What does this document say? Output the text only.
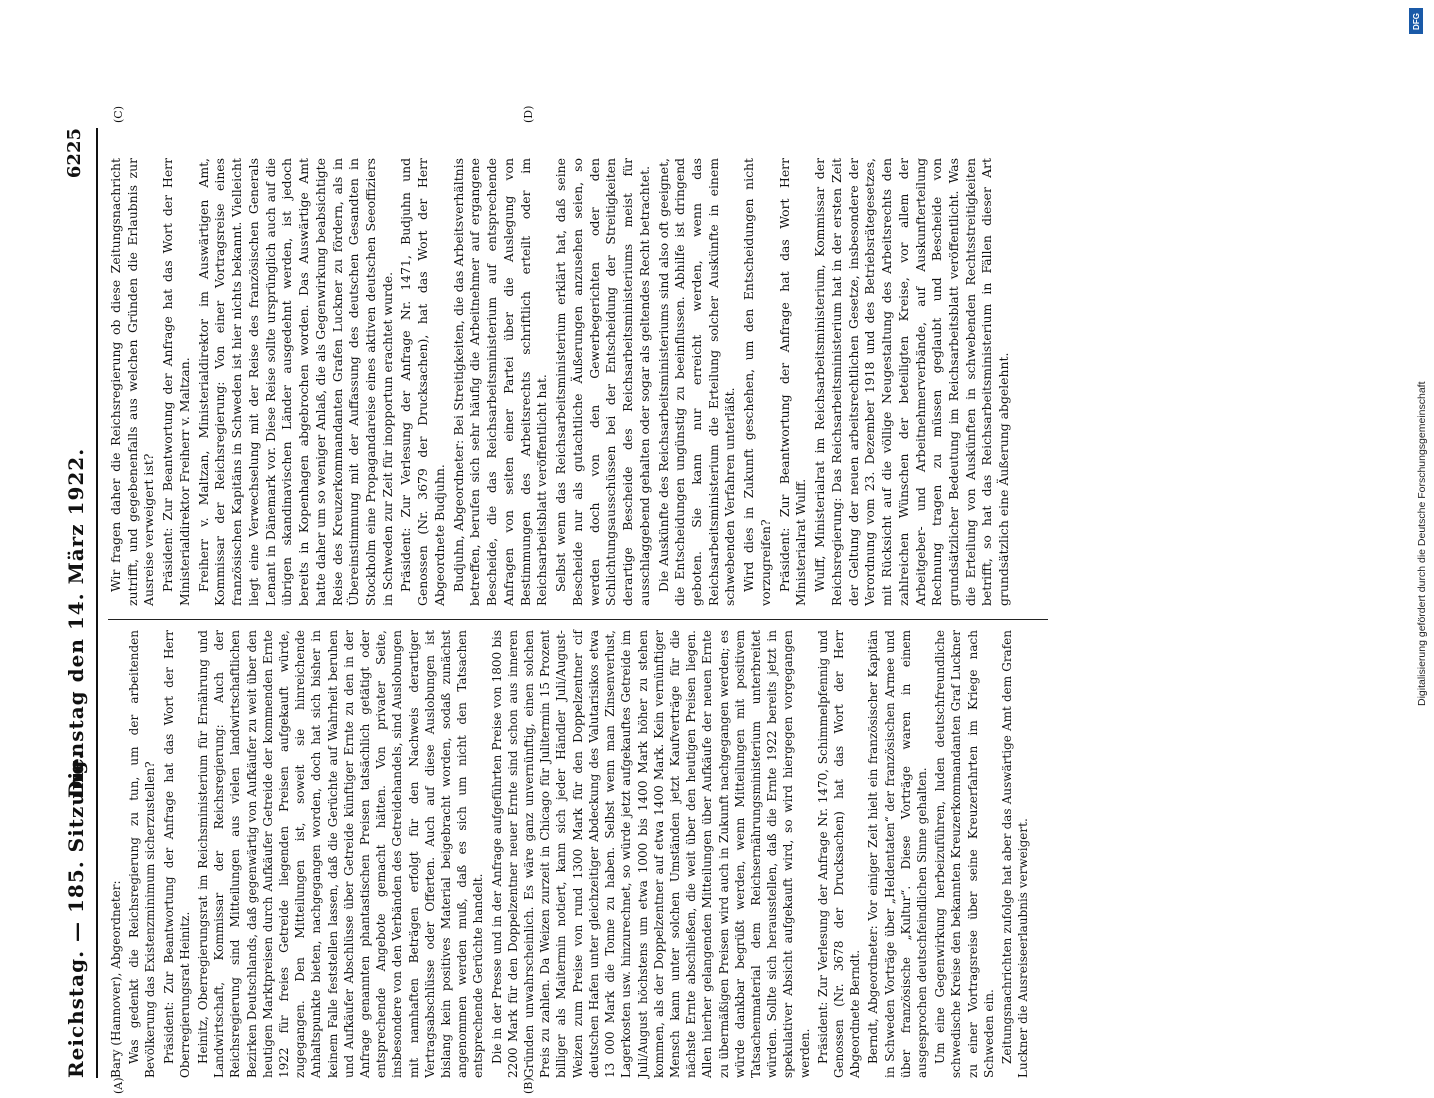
Reichstag. — 185. Sitzung.
Dienstag den 14. März 1922.
6225
(A)	(B)
(C)	(D)

Bary (Hannover), Abgeordneter: Was gedenkt die Reichsregierung zu tun, um der arbeitenden Bevölkerung das Existenzminimum sicherzustellen? Präsident: Zur Beantwortung der Anfrage hat das Wort der Herr Oberregierungsrat Heinitz. Heinitz, Oberregierungsrat im Reichsministerium für Ernährung und Landwirtschaft, Kommissar der Reichsregierung: Auch der Reichsregierung sind Mitteilungen aus vielen landwirtschaftlichen Bezirken Deutschlands, daß gegenwärtig von Aufkäufer zu weit über den heutigen Marktpreisen durch Aufkäufer Getreide der kommenden Ernte 1922 für freies Getreide liegenden Preisen aufgekauft würde, zugegangen. Den Mitteilungen ist, soweit sie hinreichende Anhaltspunkte bieten, nachgegangen worden, doch hat sich bisher in keinem Falle feststellen lassen, daß die Gerüchte auf Wahrheit beruhen und Aufkäufer Abschlüsse über Getreide künftiger Ernte zu den in der Anfrage genannten phantastischen Preisen tatsächlich getätigt oder entsprechende Angebote gemacht hätten. Von privater Seite, insbesondere von den Verbänden des Getreidehandels, sind Auslobungen mit namhaften Beträgen erfolgt für den Nachweis derartiger Vertragsabschlüsse oder Offerten. Auch auf diese Auslobungen ist bislang kein positives Material beigebracht worden, sodaß zunächst angenommen werden muß, daß es sich um nicht den Tatsachen entsprechende Gerüchte handelt. Die in der Presse und in der Anfrage aufgeführten Preise von 1800 bis 2200 Mark für den Doppelzentner neuer Ernte sind schon aus inneren Gründen unwahrscheinlich. Es wäre ganz unvernünftig, einen solchen Preis zu zahlen. Da Weizen zurzeit in Chicago für Julitermin 15 Prozent billiger als Maitermin notiert, kann sich jeder Händler Juli/August-Weizen zum Preise von rund 1300 Mark für den Doppelzentner cif deutschen Hafen unter gleichzeitiger Abdeckung des Valutarisikos etwa 13 000 Mark die Tonne zu haben. Selbst wenn man Zinsenverlust, Lagerkosten usw. hinzurechnet, so würde jetzt aufgekauftes Getreide im Juli/August höchstens um etwa 1000 bis 1400 Mark höher zu stehen kommen, als der Doppelzentner auf etwa 1400 Mark. Kein vernünftiger Mensch kann unter solchen Umständen jetzt Kaufverträge für die nächste Ernte abschließen, die weit über den heutigen Preisen liegen. Allen hierher gelangenden Mitteilungen über Aufkäufe der neuen Ernte zu übermäßigen Preisen wird auch in Zukunft nachgegangen werden; es würde dankbar begrüßt werden, wenn Mitteilungen mit positivem Tatsachenmaterial dem Reichsernährungsministerium unterbreitet würden. Sollte sich herausstellen, daß die Ernte 1922 bereits jetzt in spekulativer Absicht aufgekauft wird, so wird hiergegen vorgegangen werden. Präsident: Zur Verlesung der Anfrage Nr. 1470, Schimmelpfennig und Genossen (Nr. 3678 der Drucksachen) hat das Wort der Herr Abgeordnete Berndt. Berndt, Abgeordneter: Vor einiger Zeit hielt ein französischer Kapitän in Schweden Vorträge über „Heldentaten“ der französischen Armee und über französische „Kultur“. Diese Vorträge waren in einem ausgesprochen deutschfeindlichen Sinne gehalten. Um eine Gegenwirkung herbeizuführen, luden deutschfreundliche schwedische Kreise den bekannten Kreuzerkommandanten Graf Luckner zu einer Vortragsreise über seine Kreuzerfahrten im Kriege nach Schweden ein. Zeitungsnachrichten zufolge hat aber das Auswärtige Amt dem Grafen Luckner die Ausreiseerlaubnis verweigert.

Wir fragen daher die Reichsregierung ob diese Zeitungsnachricht zutrifft, und gegebenenfalls aus welchen Gründen die Erlaubnis zur Ausreise verweigert ist? Präsident: Zur Beantwortung der Anfrage hat das Wort der Herr Ministerialdirektor Freiherr v. Maltzan. Freiherr v. Maltzan, Ministerialdirektor im Auswärtigen Amt, Kommissar der Reichsregierung: Von einer Vortragsreise eines französischen Kapitäns in Schweden ist hier nichts bekannt. Vielleicht liegt eine Verwechselung mit der Reise des französischen Generals Lenant in Dänemark vor. Diese Reise sollte ursprünglich auch auf die übrigen skandinavischen Länder ausgedehnt werden, ist jedoch bereits in Kopenhagen abgebrochen worden. Das Auswärtige Amt hatte daher um so weniger Anlaß, die als Gegenwirkung beabsichtigte Reise des Kreuzerkommandanten Grafen Luckner zu fördern, als in Übereinstimmung mit der Auffassung des deutschen Gesandten in Stockholm eine Propagandareise eines aktiven deutschen Seeoffiziers in Schweden zur Zeit für inopportun erachtet wurde. Präsident: Zur Verlesung der Anfrage Nr. 1471, Budjuhn und Genossen (Nr. 3679 der Drucksachen), hat das Wort der Herr Abgeordnete Budjuhn. Budjuhn, Abgeordneter: Bei Streitigkeiten, die das Arbeitsverhältnis betreffen, berufen sich sehr häufig die Arbeitnehmer auf ergangene Bescheide, die das Reichsarbeitsministerium auf entsprechende Anfragen von seiten einer Partei über die Auslegung von Bestimmungen des Arbeitsrechts schriftlich erteilt oder im Reichsarbeitsblatt veröffentlicht hat. Selbst wenn das Reichsarbeitsministerium erklärt hat, daß seine Bescheide nur als gutachtliche Äußerungen anzusehen seien, so werden doch von den Gewerbegerichten oder den Schlichtungsausschüssen bei der Entscheidung der Streitigkeiten derartige Bescheide des Reichsarbeitsministeriums meist für ausschlaggebend gehalten oder sogar als geltendes Recht betrachtet. Die Auskünfte des Reichsarbeitsministeriums sind also oft geeignet, die Entscheidungen ungünstig zu beeinflussen. Abhilfe ist dringend geboten. Sie kann nur erreicht werden, wenn das Reichsarbeitsministerium die Erteilung solcher Auskünfte in einem schwebenden Verfahren unterläßt. Wird dies in Zukunft geschehen, um den Entscheidungen nicht vorzugreifen? Präsident: Zur Beantwortung der Anfrage hat das Wort Herr Ministerialrat Wulff. Wulff, Ministerialrat im Reichsarbeitsministerium, Kommissar der Reichsregierung: Das Reichsarbeitsministerium hat in der ersten Zeit der Geltung der neuen arbeitsrechtlichen Gesetze, insbesondere der Verordnung vom 23. Dezember 1918 und des Betriebsrätegesetzes, mit Rücksicht auf die völlige Neugestaltung des Arbeitsrechts den zahlreichen Wünschen der beteiligten Kreise, vor allem der Arbeitgeber- und Arbeitnehmerverbände, auf Auskunfterteilung Rechnung tragen zu müssen geglaubt und Bescheide von grundsätzlicher Bedeutung im Reichsarbeitsblatt veröffentlicht. Was die Erteilung von Auskünften in schwebenden Rechtsstreitigkeiten betrifft, so hat das Reichsarbeitsministerium in Fällen dieser Art grundsätzlich eine Äußerung abgelehnt.	Digitalisierung gefördert durch die Deutsche Forschungsgemeinschaft
DFG
